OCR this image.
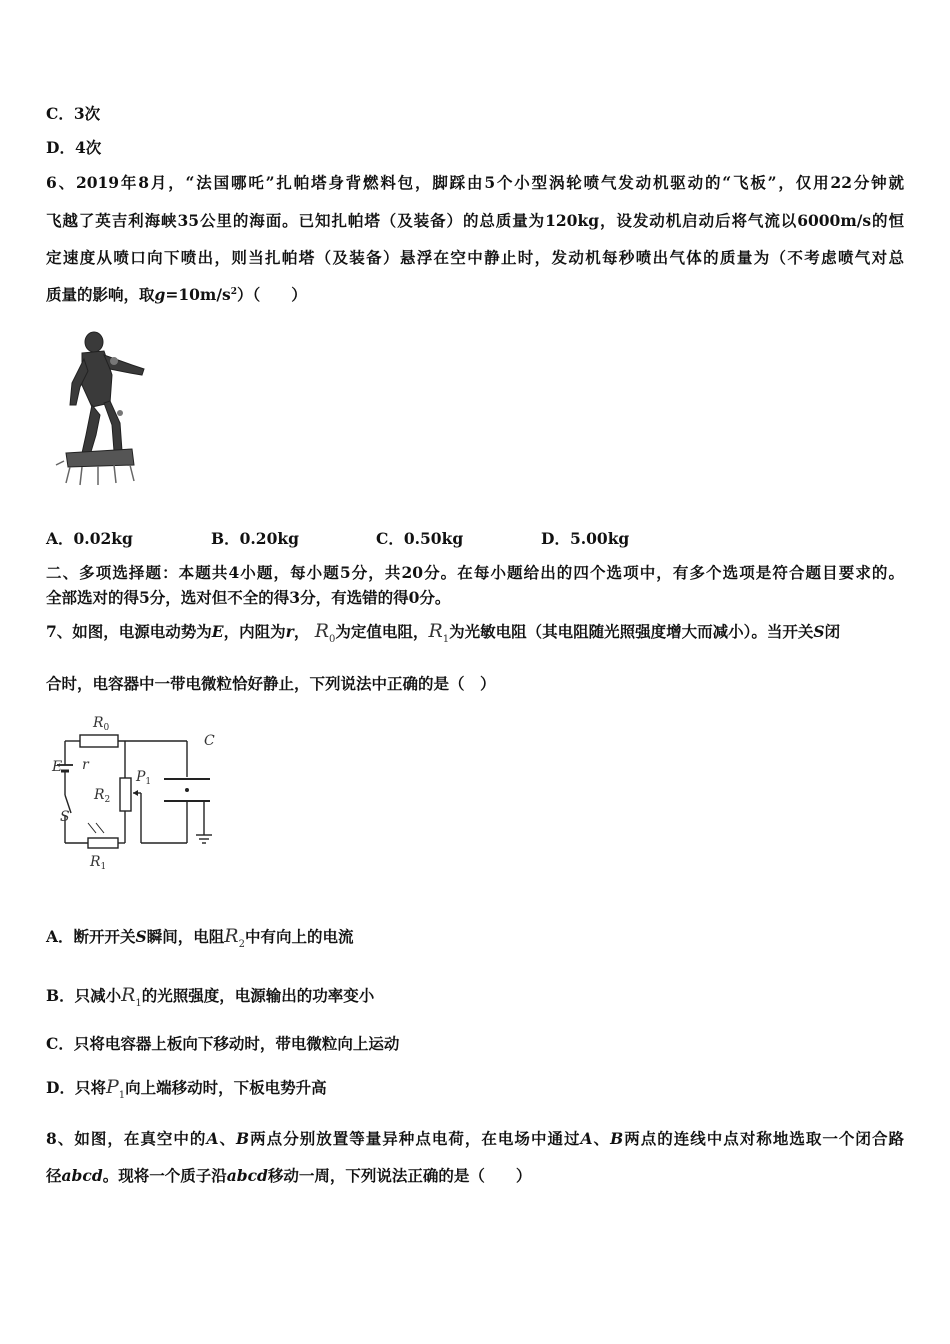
C．3次
D．4次
6、2019年8月，“法国哪吒”扎帕塔身背燃料包，脚踩由5个小型涡轮喷气发动机驱动的“飞板”，仅用22分钟就
飞越了英吉利海峡35公里的海面。已知扎帕塔（及装备）的总质量为120kg，设发动机启动后将气流以6000m/s的恒
定速度从喷口向下喷出，则当扎帕塔（及装备）悬浮在空中静止时，发动机每秒喷出气体的质量为（不考虑喷气对总
质量的影响，取$g=10m/s^2$）（　　）
A．0.02kg	B．0.20kg	C．0.50kg	D．5.00kg
二、多项选择题：本题共4小题，每小题5分，共20分。在每小题给出的四个选项中，有多个选项是符合题目要求的。
全部选对的得5分，选对但不全的得3分，有选错的得0分。
7、如图，电源电动势为E，内阻为r， $R_0$为定值电阻，$R_1$为光敏电阻（其电阻随光照强度增大而减小）。当开关S闭
合时，电容器中一带电微粒恰好静止，下列说法中正确的是（　）
$R_0$
C
E r
$P_1$
$R_2$
S
$R_1$
A．断开开关S瞬间，电阻$R_2$中有向上的电流
B．只减小$R_1$的光照强度，电源输出的功率变小
C．只将电容器上板向下移动时，带电微粒向上运动
D．只将$P_1$向上端移动时，下板电势升高
8、如图，在真空中的A、B两点分别放置等量异种点电荷，在电场中通过A、B两点的连线中点对称地选取一个闭合路
径abcd。现将一个质子沿abcd移动一周，下列说法正确的是（　　）
